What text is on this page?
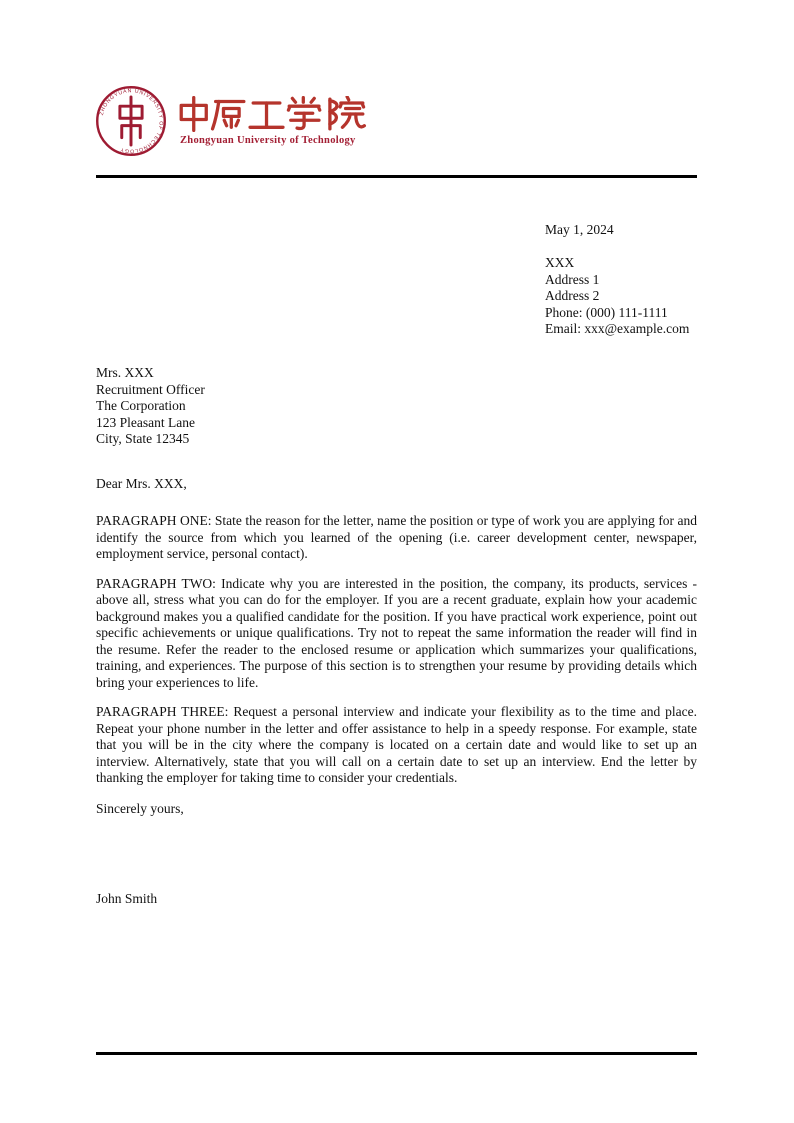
ZHONGYUAN UNIVERSITY OF TECHNOLOGY
Zhongyuan University of Technology
May 1, 2024
XXX
Address 1
Address 2
Phone: (000) 111-1111
Email: xxx@example.com
Mrs. XXX
Recruitment Officer
The Corporation
123 Pleasant Lane
City, State 12345
Dear Mrs. XXX,

PARAGRAPH ONE: State the reason for the letter, name the position or type of work you are applying for and identify the source from which you learned of the opening (i.e. career development center, newspaper, employment service, personal contact).

PARAGRAPH TWO: Indicate why you are interested in the position, the company, its products, services - above all, stress what you can do for the employer. If you are a recent graduate, explain how your academic background makes you a qualified candidate for the position. If you have practical work experience, point out specific achievements or unique qualifications. Try not to repeat the same information the reader will find in the resume. Refer the reader to the enclosed resume or application which summarizes your qualifications, training, and experiences. The purpose of this section is to strengthen your resume by providing details which bring your experiences to life.

PARAGRAPH THREE: Request a personal interview and indicate your flexibility as to the time and place. Repeat your phone number in the letter and offer assistance to help in a speedy response. For example, state that you will be in the city where the company is located on a certain date and would like to set up an interview. Alternatively, state that you will call on a certain date to set up an interview. End the letter by thanking the employer for taking time to consider your credentials.

Sincerely yours,
John Smith
